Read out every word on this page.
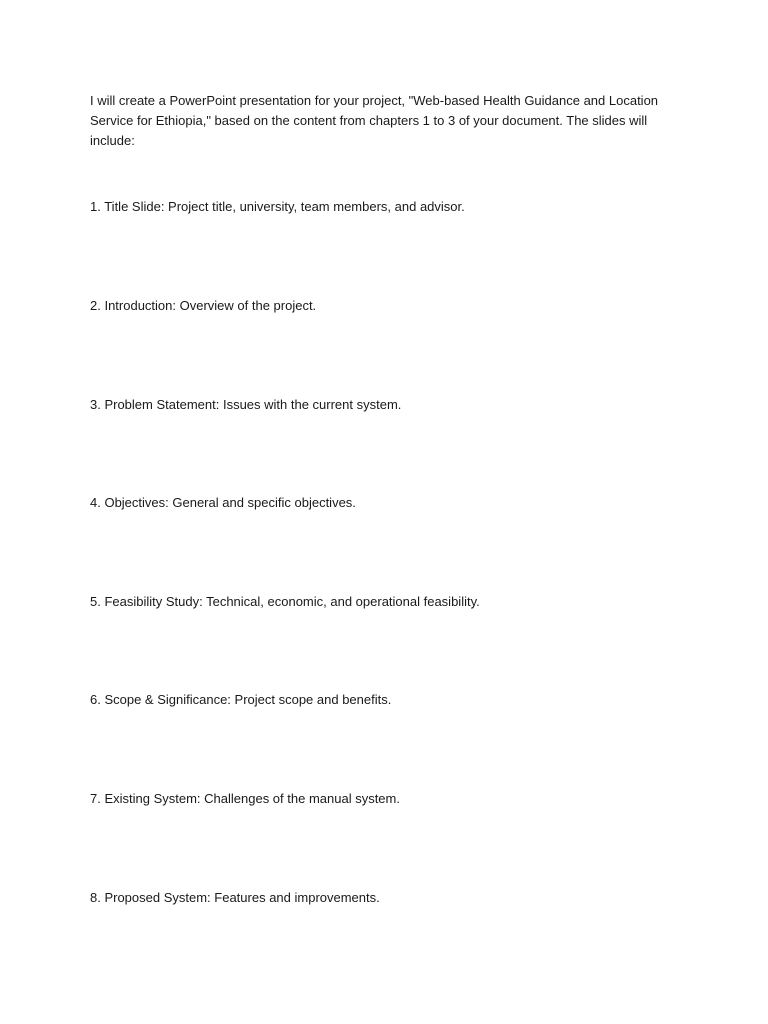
I will create a PowerPoint presentation for your project, "Web-based Health Guidance and Location Service for Ethiopia," based on the content from chapters 1 to 3 of your document. The slides will include:

1. Title Slide: Project title, university, team members, and advisor.

2. Introduction: Overview of the project.

3. Problem Statement: Issues with the current system.

4. Objectives: General and specific objectives.

5. Feasibility Study: Technical, economic, and operational feasibility.

6. Scope & Significance: Project scope and benefits.

7. Existing System: Challenges of the manual system.

8. Proposed System: Features and improvements.
